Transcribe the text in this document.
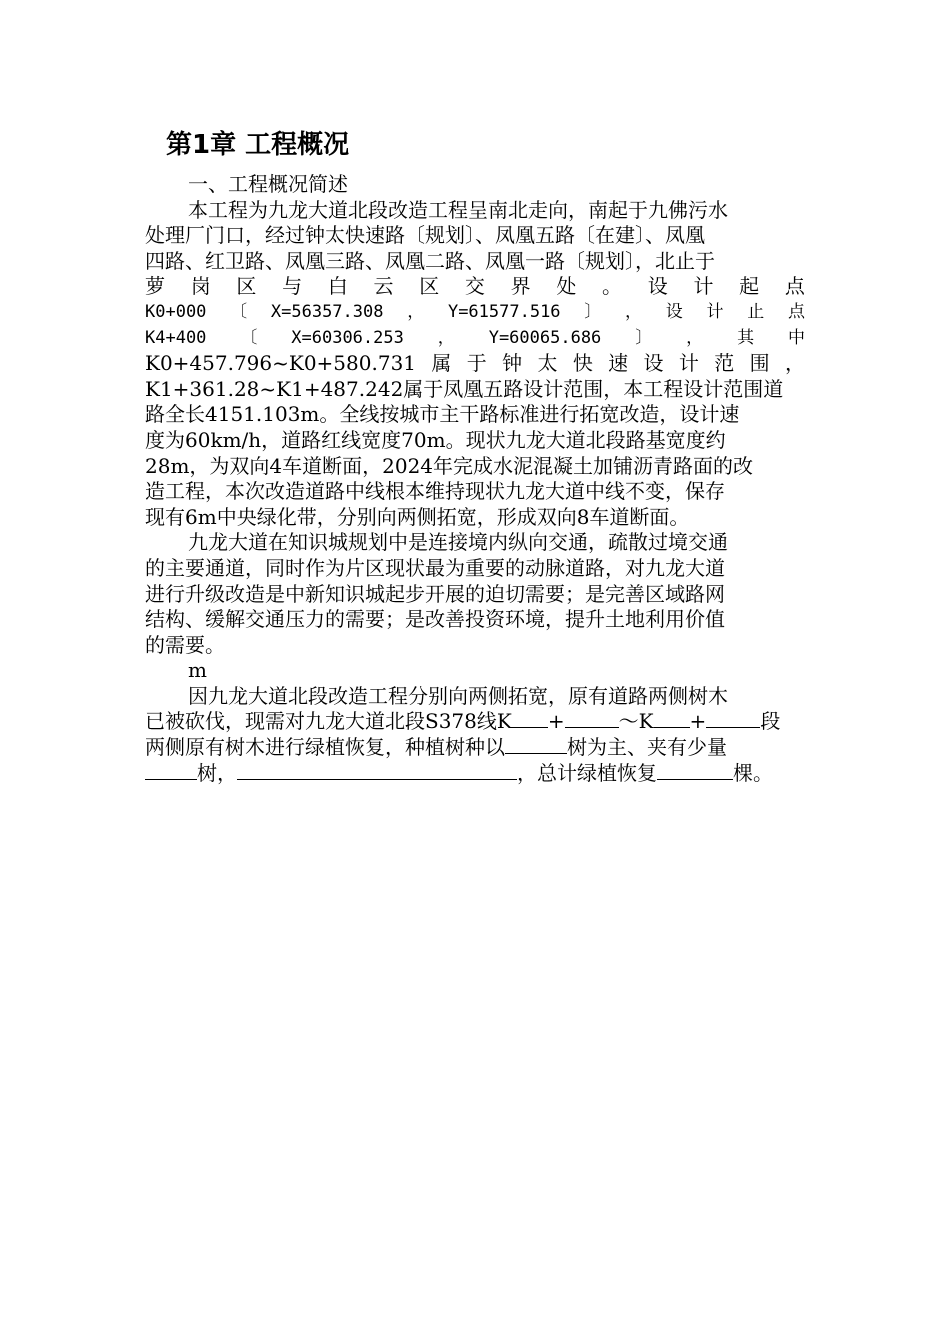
第1章 工程概况
一、工程概况简述
本工程为九龙大道北段改造工程呈南北走向，南起于九佛污水
处理厂门口，经过钟太快速路〔规划〕、凤凰五路〔在建〕、凤凰
四路、红卫路、凤凰三路、凤凰二路、凤凰一路〔规划〕，北止于
萝 岗 区 与 白 云 区 交 界 处 。 设 计 起 点
K0+000 〔 X=56357.308 ， Y=61577.516 〕 ， 设 计 止 点
K4+400 〔 X=60306.253 ， Y=60065.686 〕 ， 其 中
K0+457.796~K0+580.731 属 于 钟 太 快 速 设 计 范 围 ，
K1+361.28~K1+487.242属于凤凰五路设计范围，本工程设计范围道
路全长4151.103m。全线按城市主干路标准进行拓宽改造，设计速
度为60km/h，道路红线宽度70m。现状九龙大道北段路基宽度约
28m，为双向4车道断面，2024年完成水泥混凝土加铺沥青路面的改
造工程，本次改造道路中线根本维持现状九龙大道中线不变，保存
现有6m中央绿化带，分别向两侧拓宽，形成双向8车道断面。
九龙大道在知识城规划中是连接境内纵向交通，疏散过境交通
的主要通道，同时作为片区现状最为重要的动脉道路，对九龙大道
进行升级改造是中新知识城起步开展的迫切需要；是完善区域路网
结构、缓解交通压力的需要；是改善投资环境，提升土地利用价值
的需要。
m
因九龙大道北段改造工程分别向两侧拓宽，原有道路两侧树木
已被砍伐，现需对九龙大道北段S378线K +	～K +	段
两侧原有树木进行绿植恢复，种植树种以	树为主、夹有少量
树，	，总计绿植恢复	棵。
